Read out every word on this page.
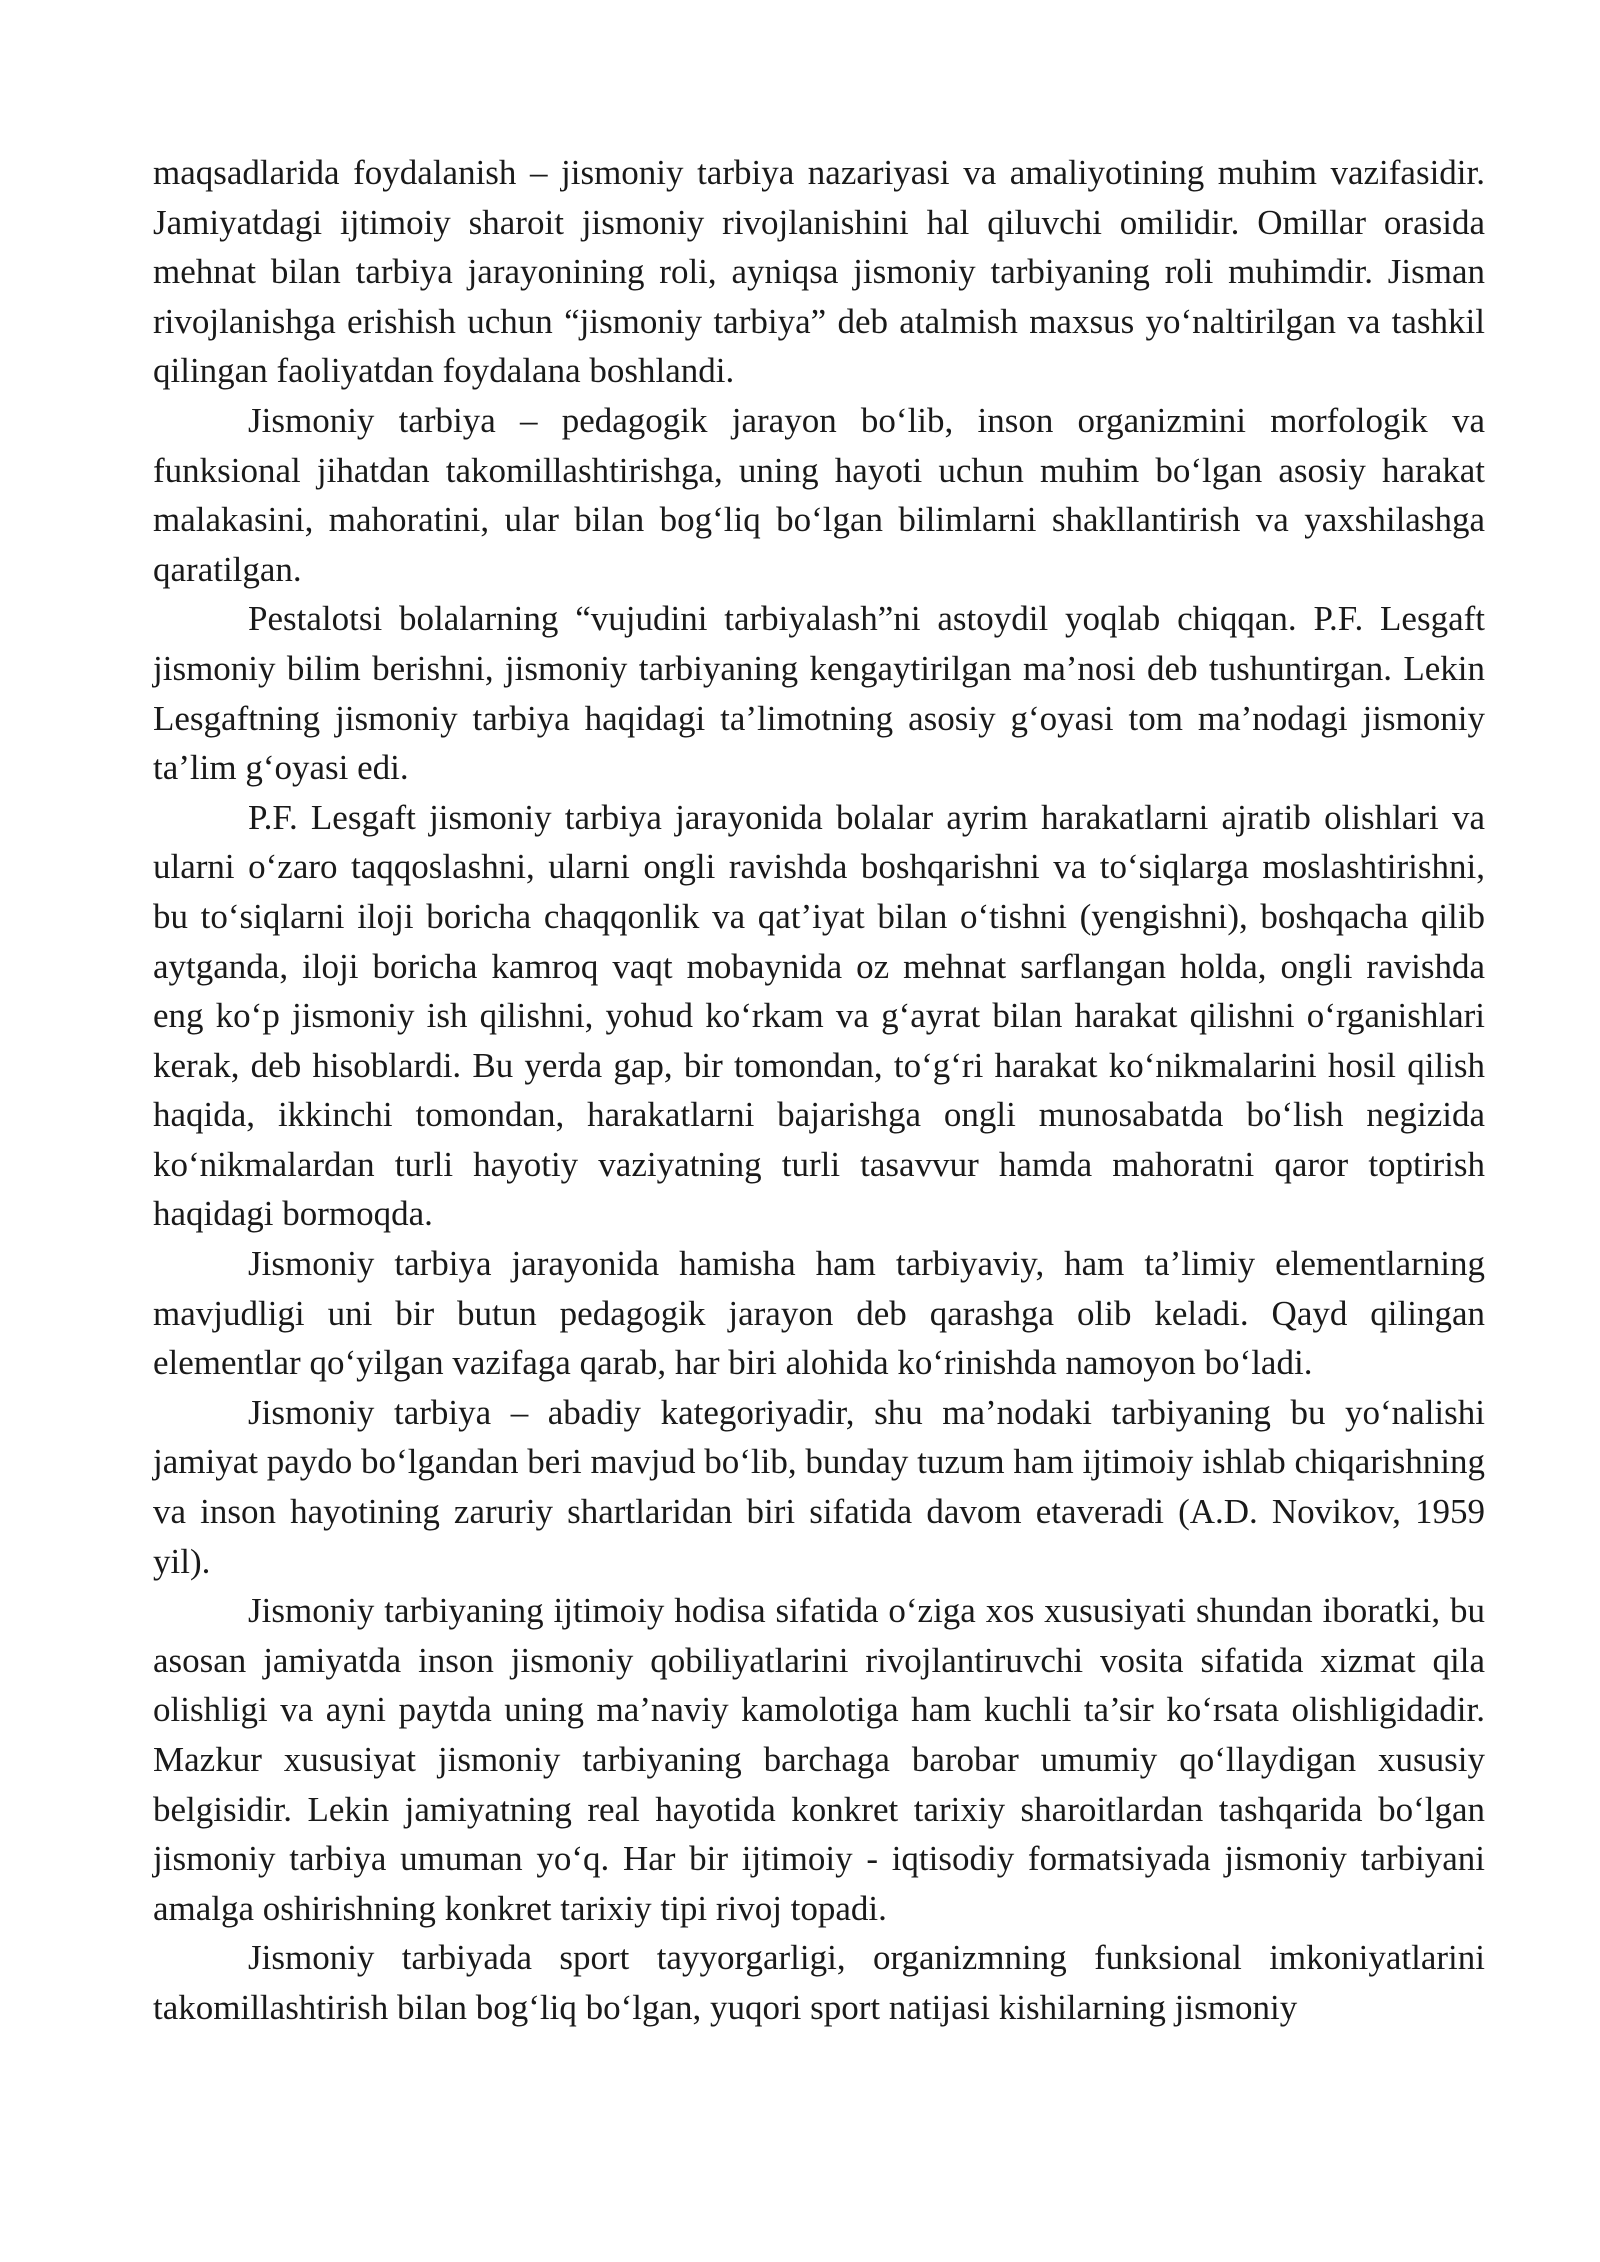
maqsadlarida foydalanish – jismoniy tarbiya nazariyasi va amaliyotining muhim vazifasidir. Jamiyatdagi ijtimoiy sharoit jismoniy rivojlanishini hal qiluvchi omilidir. Omillar orasida mehnat bilan tarbiya jarayonining roli, ayniqsa jismoniy tarbiyaning roli muhimdir. Jisman rivojlanishga erishish uchun “jismoniy tarbiya” deb atalmish maxsus yo‘naltirilgan va tashkil qilingan faoliyatdan foydalana boshlandi.

Jismoniy tarbiya – pedagogik jarayon bo‘lib, inson organizmini morfologik va funksional jihatdan takomillashtirishga, uning hayoti uchun muhim bo‘lgan asosiy harakat malakasini, mahoratini, ular bilan bog‘liq bo‘lgan bilimlarni shakllantirish va yaxshilashga qaratilgan.

Pestalotsi bolalarning “vujudini tarbiyalash”ni astoydil yoqlab chiqqan. P.F. Lesgaft jismoniy bilim berishni, jismoniy tarbiyaning kengaytirilgan ma’nosi deb tushuntirgan. Lekin Lesgaftning jismoniy tarbiya haqidagi ta’limotning asosiy g‘oyasi tom ma’nodagi jismoniy ta’lim g‘oyasi edi.

P.F. Lesgaft jismoniy tarbiya jarayonida bolalar ayrim harakatlarni ajratib olishlari va ularni o‘zaro taqqoslashni, ularni ongli ravishda boshqarishni va to‘siqlarga moslashtirishni, bu to‘siqlarni iloji boricha chaqqonlik va qat’iyat bilan o‘tishni (yengishni), boshqacha qilib aytganda, iloji boricha kamroq vaqt mobaynida oz mehnat sarflangan holda, ongli ravishda eng ko‘p jismoniy ish qilishni, yohud ko‘rkam va g‘ayrat bilan harakat qilishni o‘rganishlari kerak, deb hisoblardi. Bu yerda gap, bir tomondan, to‘g‘ri harakat ko‘nikmalarini hosil qilish haqida, ikkinchi tomondan, harakatlarni bajarishga ongli munosabatda bo‘lish negizida ko‘nikmalardan turli hayotiy vaziyatning turli tasavvur hamda mahoratni qaror toptirish haqidagi bormoqda.

Jismoniy tarbiya jarayonida hamisha ham tarbiyaviy, ham ta’limiy elementlarning mavjudligi uni bir butun pedagogik jarayon deb qarashga olib keladi. Qayd qilingan elementlar qo‘yilgan vazifaga qarab, har biri alohida ko‘rinishda namoyon bo‘ladi.

Jismoniy tarbiya – abadiy kategoriyadir, shu ma’nodaki tarbiyaning bu yo‘nalishi jamiyat paydo bo‘lgandan beri mavjud bo‘lib, bunday tuzum ham ijtimoiy ishlab chiqarishning va inson hayotining zaruriy shartlaridan biri sifatida davom etaveradi (A.D. Novikov, 1959 yil).

Jismoniy tarbiyaning ijtimoiy hodisa sifatida o‘ziga xos xususiyati shundan iboratki, bu asosan jamiyatda inson jismoniy qobiliyatlarini rivojlantiruvchi vosita sifatida xizmat qila olishligi va ayni paytda uning ma’naviy kamolotiga ham kuchli ta’sir ko‘rsata olishligidadir. Mazkur xususiyat jismoniy tarbiyaning barchaga barobar umumiy qo‘llaydigan xususiy belgisidir. Lekin jamiyatning real hayotida konkret tarixiy sharoitlardan tashqarida bo‘lgan jismoniy tarbiya umuman yo‘q. Har bir ijtimoiy - iqtisodiy formatsiyada jismoniy tarbiyani amalga oshirishning konkret tarixiy tipi rivoj topadi.

Jismoniy tarbiyada sport tayyorgarligi, organizmning funksional imkoniyatlarini takomillashtirish bilan bog‘liq bo‘lgan, yuqori sport natijasi kishilarning jismoniy
